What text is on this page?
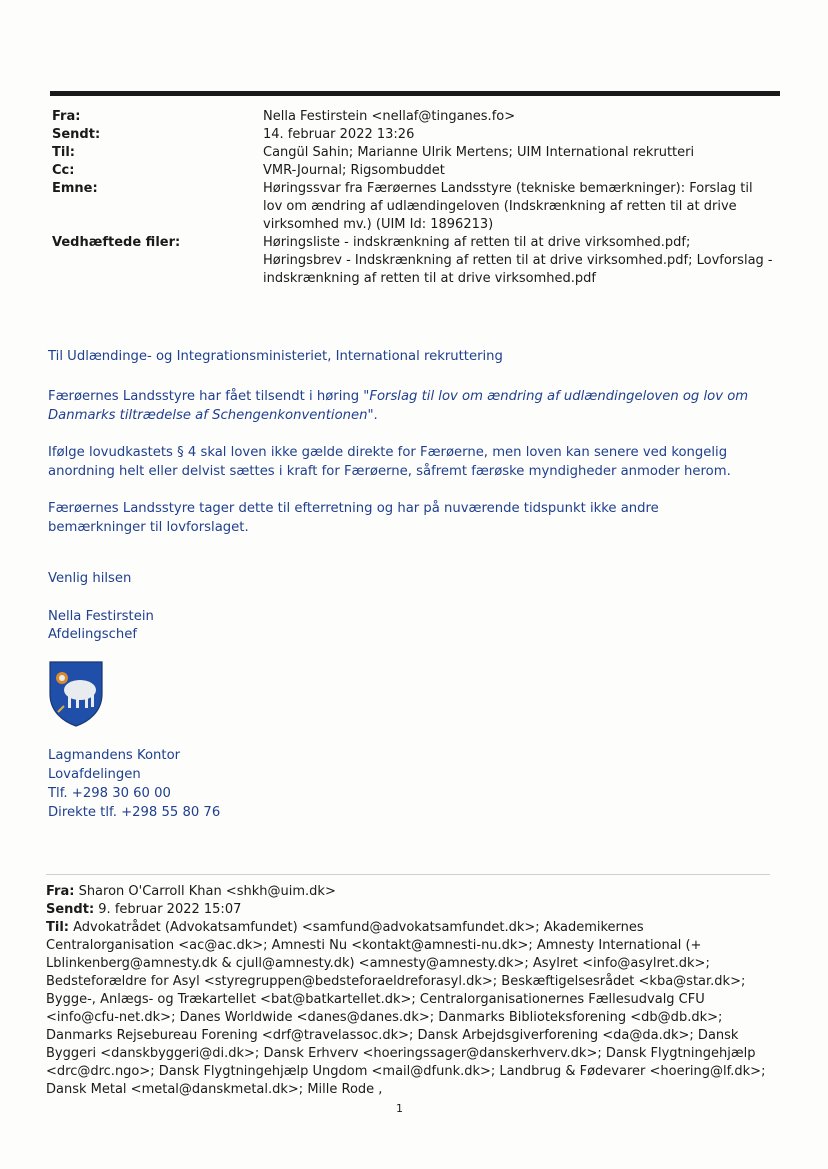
Fra:
Sendt:
Til:
Cc:
Emne:
Vedhæftede filer:
Nella Festirstein <nellaf@tinganes.fo>
14. februar 2022 13:26
Cangül Sahin; Marianne Ulrik Mertens; UIM International rekrutteri
VMR-Journal; Rigsombuddet
Høringssvar fra Færøernes Landsstyre (tekniske bemærkninger): Forslag til lov om ændring af udlændingeloven (Indskrænkning af retten til at drive virksomhed mv.) (UIM Id: 1896213)
Høringsliste - indskrænkning af retten til at drive virksomhed.pdf; Høringsbrev - Indskrænkning af retten til at drive virksomhed.pdf; Lovforslag - indskrænkning af retten til at drive virksomhed.pdf
Til Udlændinge- og Integrationsministeriet, International rekruttering
Færøernes Landsstyre har fået tilsendt i høring "Forslag til lov om ændring af udlændingeloven og lov om Danmarks tiltrædelse af Schengenkonventionen".
Ifølge lovudkastets § 4 skal loven ikke gælde direkte for Færøerne, men loven kan senere ved kongelig anordning helt eller delvist sættes i kraft for Færøerne, såfremt færøske myndigheder anmoder herom.
Færøernes Landsstyre tager dette til efterretning og har på nuværende tidspunkt ikke andre bemærkninger til lovforslaget.
Venlig hilsen
Nella Festirstein
Afdelingschef
Lagmandens Kontor
Lovafdelingen
Tlf. +298 30 60 00
Direkte tlf. +298 55 80 76
Fra: Sharon O'Carroll Khan <shkh@uim.dk>
Sendt: 9. februar 2022 15:07
Til: Advokatrådet (Advokatsamfundet) <samfund@advokatsamfundet.dk>; Akademikernes Centralorganisation <ac@ac.dk>; Amnesti Nu <kontakt@amnesti-nu.dk>; Amnesty International (+ Lblinkenberg@amnesty.dk & cjull@amnesty.dk) <amnesty@amnesty.dk>; Asylret <info@asylret.dk>; Bedsteforældre for Asyl <styregruppen@bedsteforaeldreforasyl.dk>; Beskæftigelsesrådet <kba@star.dk>; Bygge-, Anlægs- og Trækartellet <bat@batkartellet.dk>; Centralorganisationernes Fællesudvalg CFU <info@cfu-net.dk>; Danes Worldwide <danes@danes.dk>; Danmarks Biblioteksforening <db@db.dk>; Danmarks Rejsebureau Forening <drf@travelassoc.dk>; Dansk Arbejdsgiverforening <da@da.dk>; Dansk Byggeri <danskbyggeri@di.dk>; Dansk Erhverv <hoeringssager@danskerhverv.dk>; Dansk Flygtningehjælp <drc@drc.ngo>; Dansk Flygtningehjælp Ungdom <mail@dfunk.dk>; Landbrug & Fødevarer <hoering@lf.dk>; Dansk Metal <metal@danskmetal.dk>; Mille Rode ,
1
